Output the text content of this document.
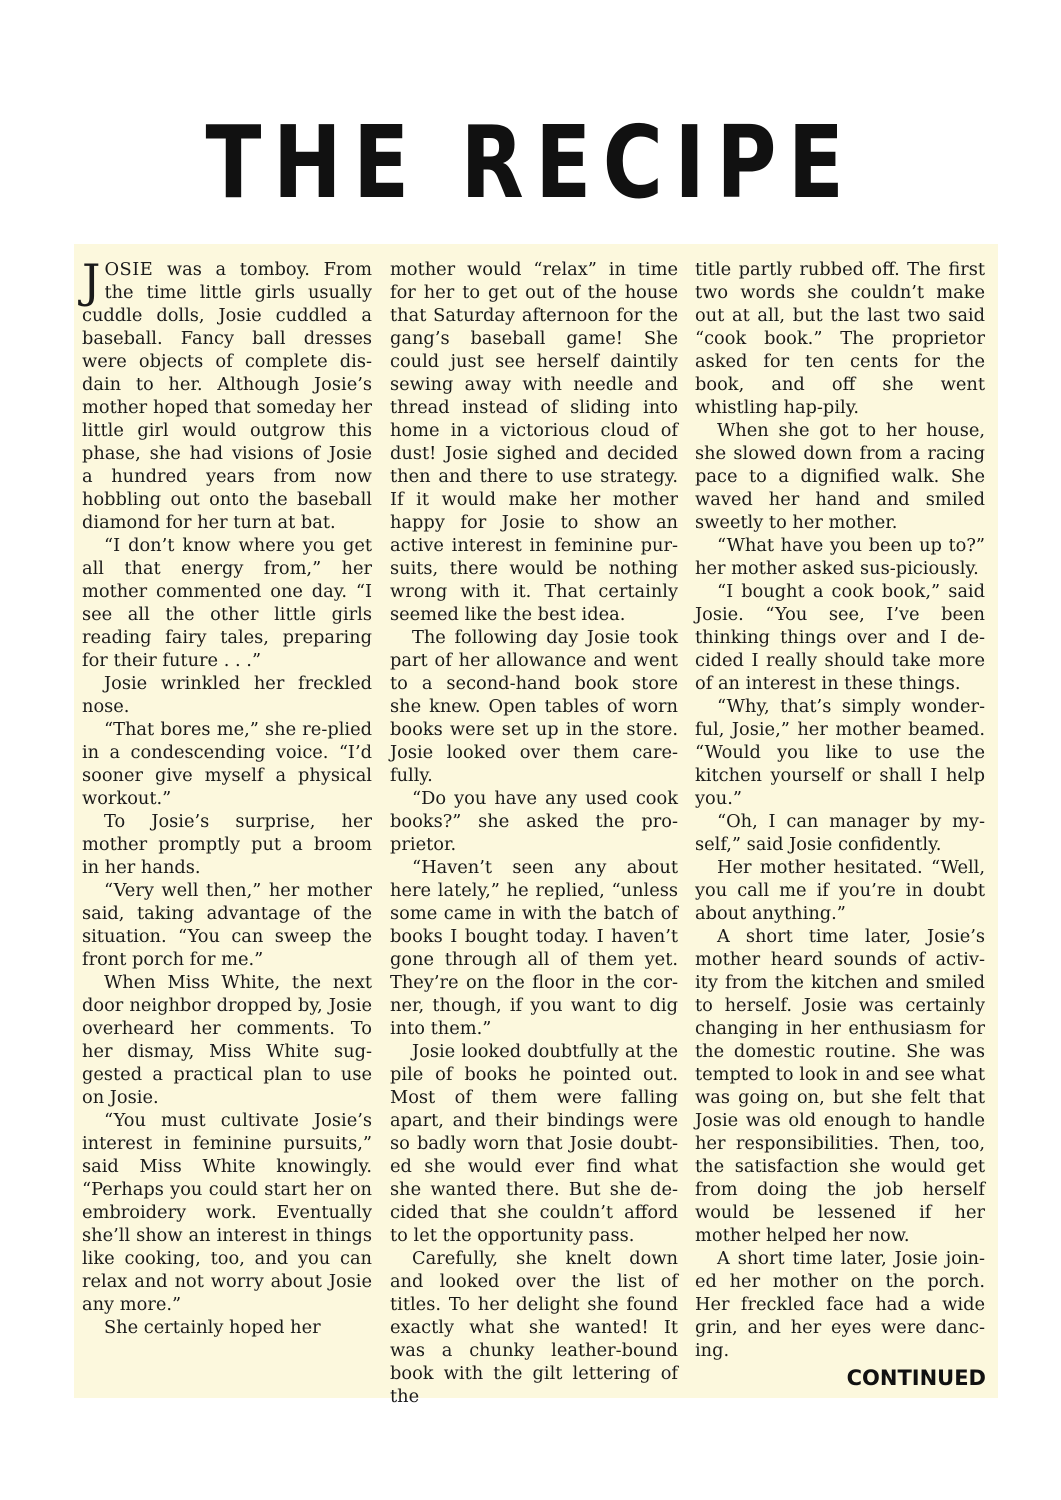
THE RECIPE

JOSIE was a tomboy. From the time little girls usually cuddle dolls, Josie cuddled a baseball. Fancy ball dresses were objects of complete dis-dain to her. Although Josie’s mother hoped that someday her little girl would outgrow this phase, she had visions of Josie a hundred years from now hobbling out onto the baseball diamond for her turn at bat.

“I don’t know where you get all that energy from,” her mother commented one day. “I see all the other little girls reading fairy tales, preparing for their future . . .”

Josie wrinkled her freckled nose.

“That bores me,” she re-plied in a condescending voice. “I’d sooner give myself a physical workout.”

To Josie’s surprise, her mother promptly put a broom in her hands.

“Very well then,” her mother said, taking advantage of the situation. “You can sweep the front porch for me.”

When Miss White, the next door neighbor dropped by, Josie overheard her comments. To her dismay, Miss White sug-gested a practical plan to use on Josie.

“You must cultivate Josie’s interest in feminine pursuits,” said Miss White knowingly. “Perhaps you could start her on embroidery work. Eventually she’ll show an interest in things like cooking, too, and you can relax and not worry about Josie any more.”

She certainly hoped her

mother would “relax” in time for her to get out of the house that Saturday afternoon for the gang’s baseball game! She could just see herself daintily sewing away with needle and thread instead of sliding into home in a victorious cloud of dust! Josie sighed and decided then and there to use strategy. If it would make her mother happy for Josie to show an active interest in feminine pur-suits, there would be nothing wrong with it. That certainly seemed like the best idea.

The following day Josie took part of her allowance and went to a second-hand book store she knew. Open tables of worn books were set up in the store. Josie looked over them care-fully.

“Do you have any used cook books?” she asked the pro-prietor.

“Haven’t seen any about here lately,” he replied, “unless some came in with the batch of books I bought today. I haven’t gone through all of them yet. They’re on the floor in the cor-ner, though, if you want to dig into them.”

Josie looked doubtfully at the pile of books he pointed out. Most of them were falling apart, and their bindings were so badly worn that Josie doubt-ed she would ever find what she wanted there. But she de-cided that she couldn’t afford to let the opportunity pass.

Carefully, she knelt down and looked over the list of titles. To her delight she found exactly what she wanted! It was a chunky leather-bound book with the gilt lettering of the

title partly rubbed off. The first two words she couldn’t make out at all, but the last two said “cook book.” The proprietor asked for ten cents for the book, and off she went whistling hap-pily.

When she got to her house, she slowed down from a racing pace to a dignified walk. She waved her hand and smiled sweetly to her mother.

“What have you been up to?” her mother asked sus-piciously.

“I bought a cook book,” said Josie. “You see, I’ve been thinking things over and I de-cided I really should take more of an interest in these things.

“Why, that’s simply wonder-ful, Josie,” her mother beamed. “Would you like to use the kitchen yourself or shall I help you.”

“Oh, I can manager by my-self,” said Josie confidently.

Her mother hesitated. “Well, you call me if you’re in doubt about anything.”

A short time later, Josie’s mother heard sounds of activ-ity from the kitchen and smiled to herself. Josie was certainly changing in her enthusiasm for the domestic routine. She was tempted to look in and see what was going on, but she felt that Josie was old enough to handle her responsibilities. Then, too, the satisfaction she would get from doing the job herself would be lessened if her mother helped her now.

A short time later, Josie join-ed her mother on the porch. Her freckled face had a wide grin, and her eyes were danc-ing.

CONTINUED
